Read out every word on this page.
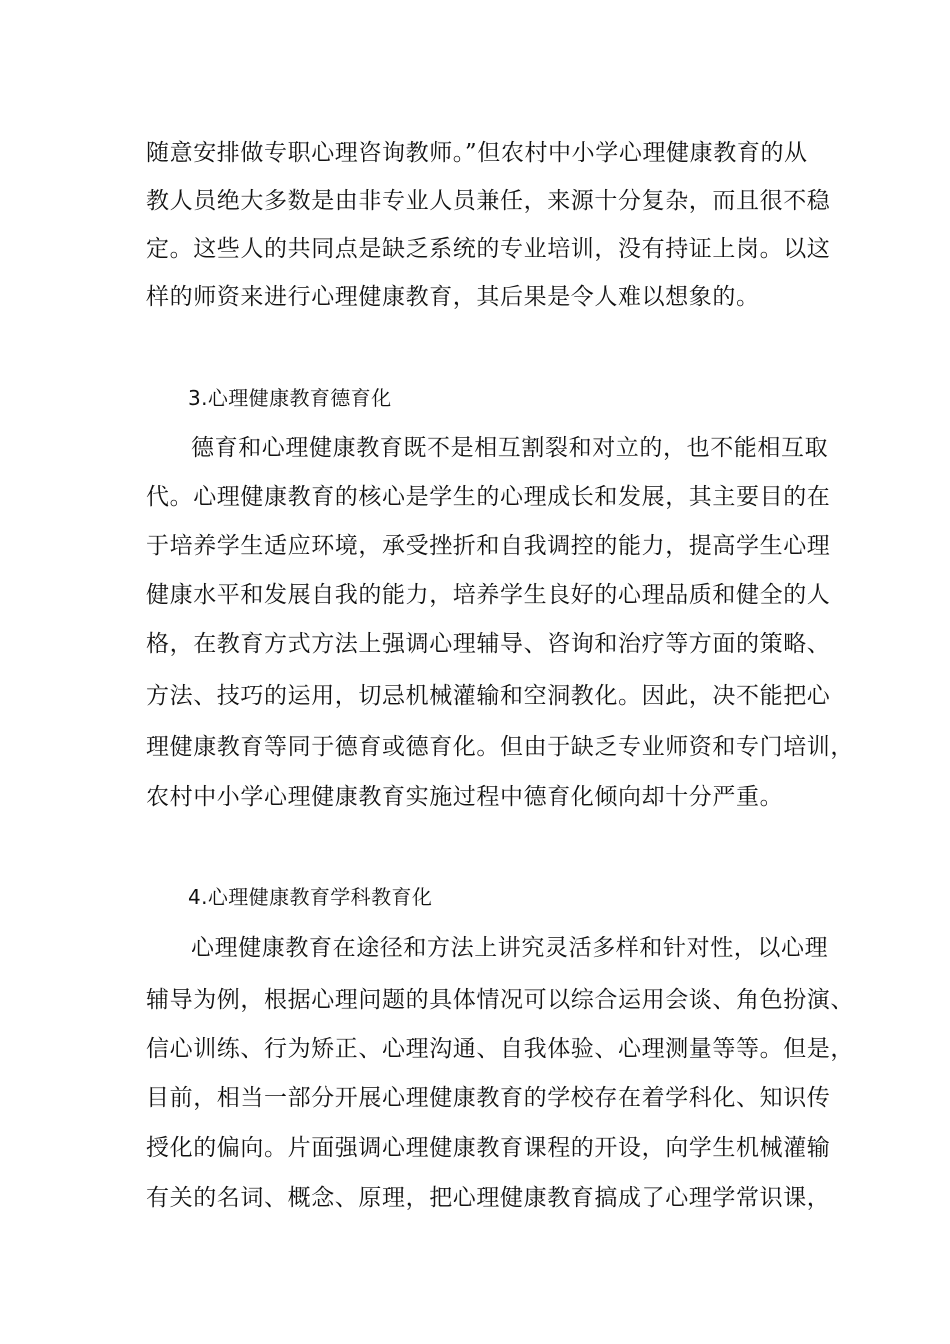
随意安排做专职心理咨询教师。”但农村中小学心理健康教育的从
教人员绝大多数是由非专业人员兼任，来源十分复杂，而且很不稳
定。这些人的共同点是缺乏系统的专业培训，没有持证上岗。以这
样的师资来进行心理健康教育，其后果是令人难以想象的。
3.心理健康教育德育化
德育和心理健康教育既不是相互割裂和对立的，也不能相互取
代。心理健康教育的核心是学生的心理成长和发展，其主要目的在
于培养学生适应环境，承受挫折和自我调控的能力，提高学生心理
健康水平和发展自我的能力，培养学生良好的心理品质和健全的人
格，在教育方式方法上强调心理辅导、咨询和治疗等方面的策略、
方法、技巧的运用，切忌机械灌输和空洞教化。因此，决不能把心
理健康教育等同于德育或德育化。但由于缺乏专业师资和专门培训，
农村中小学心理健康教育实施过程中德育化倾向却十分严重。
4.心理健康教育学科教育化
心理健康教育在途径和方法上讲究灵活多样和针对性，以心理
辅导为例，根据心理问题的具体情况可以综合运用会谈、角色扮演、
信心训练、行为矫正、心理沟通、自我体验、心理测量等等。但是，
目前，相当一部分开展心理健康教育的学校存在着学科化、知识传
授化的偏向。片面强调心理健康教育课程的开设，向学生机械灌输
有关的名词、概念、原理，把心理健康教育搞成了心理学常识课，
